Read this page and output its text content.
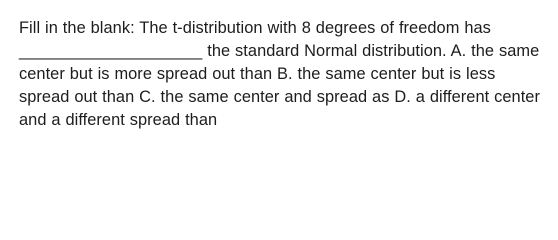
Fill in the blank: The t-distribution with 8 degrees of freedom has ____________________ the standard Normal distribution. A. the same center but is more spread out than B. the same center but is less spread out than C. the same center and spread as D. a different center and a different spread than
